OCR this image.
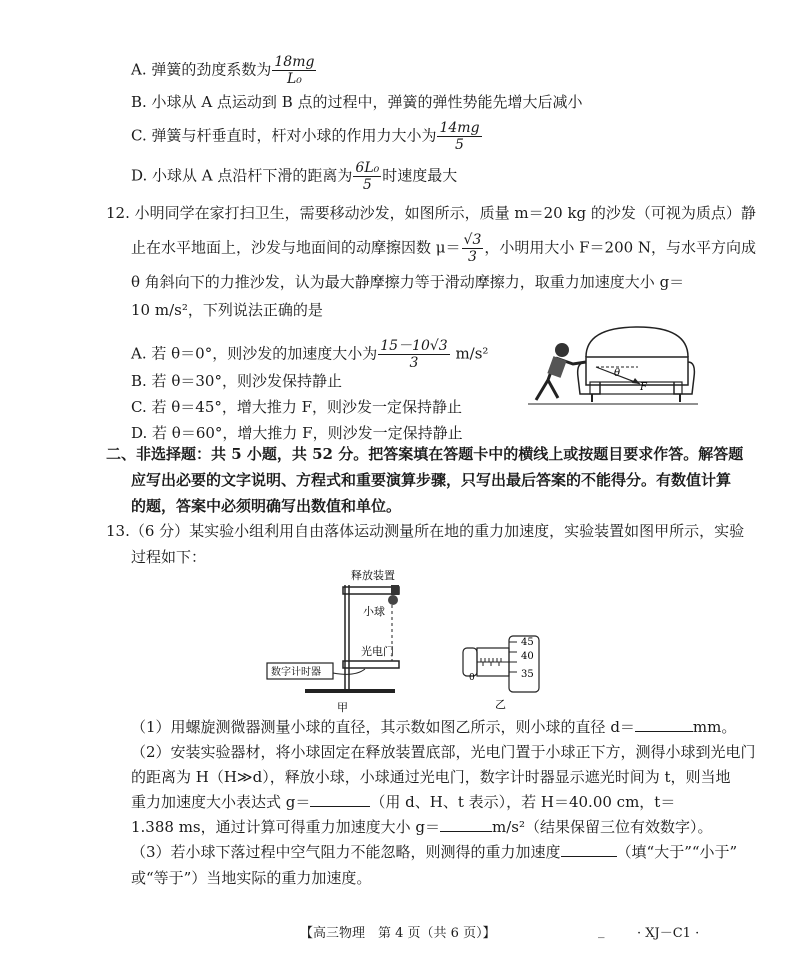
A. 弹簧的劲度系数为 $\frac{18mg}{\text{L₀}}$
B. 小球从 A 点运动到 B 点的过程中，弹簧的弹性势能先增大后减小
C. 弹簧与杆垂直时，杆对小球的作用力大小为 $\frac{14mg}{5}$
D. 小球从 A 点沿杆下滑的距离为 $\frac{\text{6L₀}}{5}$ 时速度最大
12. 小明同学在家打扫卫生，需要移动沙发，如图所示，质量 m＝20 kg 的沙发（可视为质点）静
止在水平地面上，沙发与地面间的动摩擦因数 $\mu= \frac{√3}{3}$ ，小明用大小 F＝200 N，与水平方向成
θ 角斜向下的力推沙发，认为最大静摩擦力等于滑动摩擦力，取重力加速度大小 g＝
10 m/s²，下列说法正确的是
A. 若 θ＝0°，则沙发的加速度大小为 $\frac{15-10√3}{3} m/s^2$
B. 若 θ＝30°，则沙发保持静止
C. 若 θ＝45°，增大推力 F，则沙发一定保持静止
D. 若 θ＝60°，增大推力 F，则沙发一定保持静止
θ
F
二、非选择题：共 5 小题，共 52 分。把答案填在答题卡中的横线上或按题目要求作答。解答题
应写出必要的文字说明、方程式和重要演算步骤，只写出最后答案的不能得分。有数值计算
的题，答案中必须明确写出数值和单位。
13.（6 分）某实验小组利用自由落体运动测量所在地的重力加速度，实验装置如图甲所示，实验
过程如下：
释放装置
小球
光电门
数字计时器
甲
45
40
35
0
乙
（1）用螺旋测微器测量小球的直径，其示数如图乙所示，则小球的直径 d＝	mm。
（2）安装实验器材，将小球固定在释放装置底部，光电门置于小球正下方，测得小球到光电门
的距离为 H（H≫d），释放小球，小球通过光电门，数字计时器显示遮光时间为 t，则当地
重力加速度大小表达式 g＝	（用 d、H、t 表示），若 H＝40.00 cm，t＝
1.388 ms，通过计算可得重力加速度大小 g＝	m/s²（结果保留三位有效数字）。
（3）若小球下落过程中空气阻力不能忽略，则测得的重力加速度	（填“大于”“小于”
或“等于”）当地实际的重力加速度。
【高三物理　第 4 页（共 6 页）】	_	· XJ－C1 ·
